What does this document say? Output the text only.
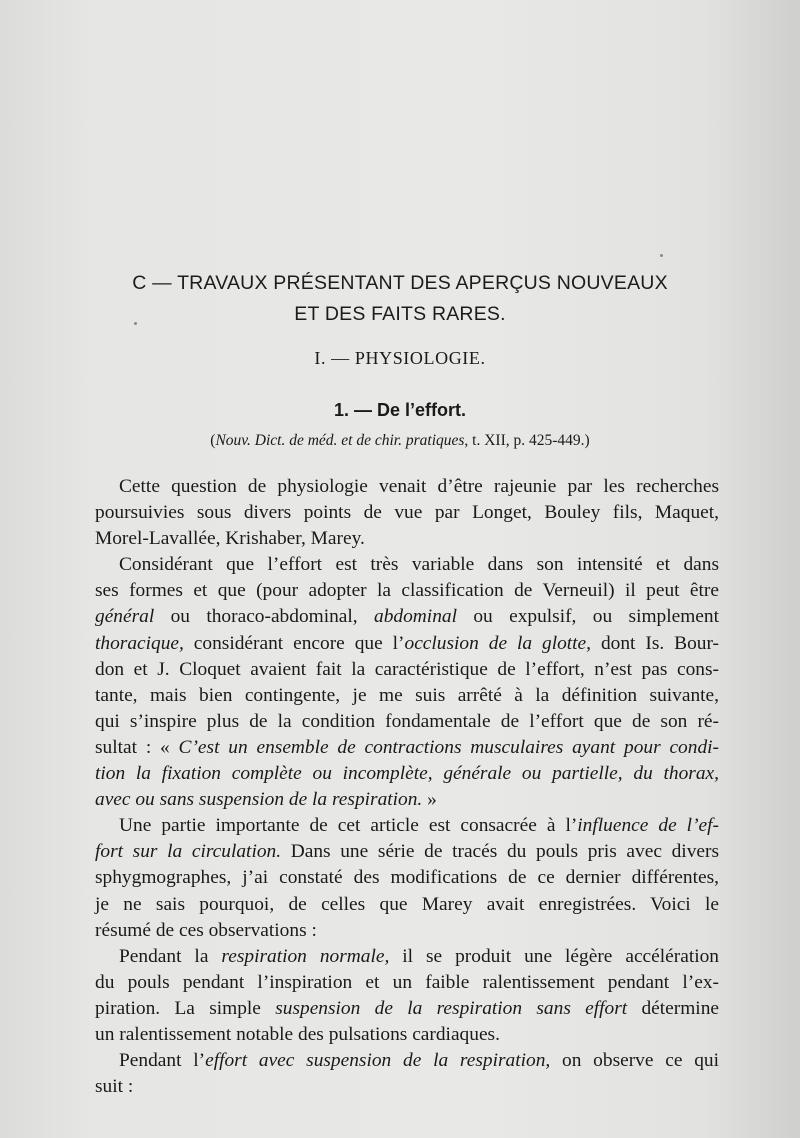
C — TRAVAUX PRÉSENTANT DES APERÇUS NOUVEAUX
ET DES FAITS RARES.
I. — PHYSIOLOGIE.
1. — De l’effort.
(Nouv. Dict. de méd. et de chir. pratiques, t. XII, p. 425-449.)
Cette question de physiologie venait d’être rajeunie par les recherches
poursuivies sous divers points de vue par Longet, Bouley fils, Maquet,
Morel-Lavallée, Krishaber, Marey.
Considérant que l’effort est très variable dans son intensité et dans
ses formes et que (pour adopter la classification de Verneuil) il peut être
général ou thoraco-abdominal, abdominal ou expulsif, ou simplement
thoracique, considérant encore que l’occlusion de la glotte, dont Is. Bour-
don et J. Cloquet avaient fait la caractéristique de l’effort, n’est pas cons-
tante, mais bien contingente, je me suis arrêté à la définition suivante,
qui s’inspire plus de la condition fondamentale de l’effort que de son ré-
sultat : « C’est un ensemble de contractions musculaires ayant pour condi-
tion la fixation complète ou incomplète, générale ou partielle, du thorax,
avec ou sans suspension de la respiration. »
Une partie importante de cet article est consacrée à l’influence de l’ef-
fort sur la circulation. Dans une série de tracés du pouls pris avec divers
sphygmographes, j’ai constaté des modifications de ce dernier différentes,
je ne sais pourquoi, de celles que Marey avait enregistrées. Voici le
résumé de ces observations :
Pendant la respiration normale, il se produit une légère accélération
du pouls pendant l’inspiration et un faible ralentissement pendant l’ex-
piration. La simple suspension de la respiration sans effort détermine
un ralentissement notable des pulsations cardiaques.
Pendant l’effort avec suspension de la respiration, on observe ce qui
suit :
